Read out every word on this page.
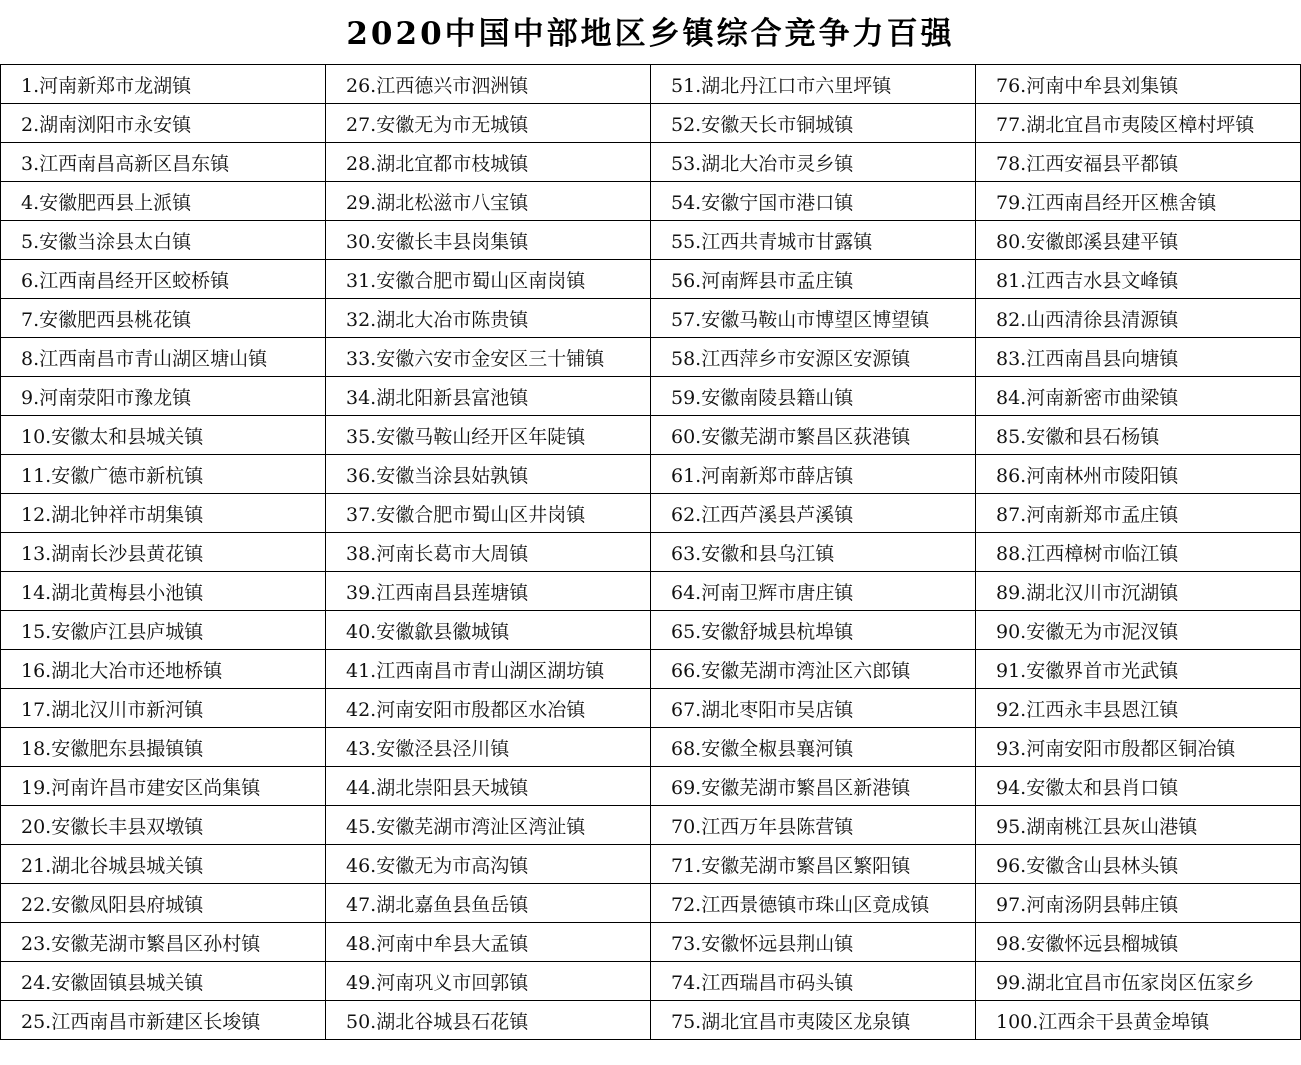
2020中国中部地区乡镇综合竞争力百强
1.河南新郑市龙湖镇	26.江西德兴市泗洲镇	51.湖北丹江口市六里坪镇	76.河南中牟县刘集镇
2.湖南浏阳市永安镇	27.安徽无为市无城镇	52.安徽天长市铜城镇	77.湖北宜昌市夷陵区樟村坪镇
3.江西南昌高新区昌东镇	28.湖北宜都市枝城镇	53.湖北大冶市灵乡镇	78.江西安福县平都镇
4.安徽肥西县上派镇	29.湖北松滋市八宝镇	54.安徽宁国市港口镇	79.江西南昌经开区樵舍镇
5.安徽当涂县太白镇	30.安徽长丰县岗集镇	55.江西共青城市甘露镇	80.安徽郎溪县建平镇
6.江西南昌经开区蛟桥镇	31.安徽合肥市蜀山区南岗镇	56.河南辉县市孟庄镇	81.江西吉水县文峰镇
7.安徽肥西县桃花镇	32.湖北大冶市陈贵镇	57.安徽马鞍山市博望区博望镇	82.山西清徐县清源镇
8.江西南昌市青山湖区塘山镇	33.安徽六安市金安区三十铺镇	58.江西萍乡市安源区安源镇	83.江西南昌县向塘镇
9.河南荥阳市豫龙镇	34.湖北阳新县富池镇	59.安徽南陵县籍山镇	84.河南新密市曲梁镇
10.安徽太和县城关镇	35.安徽马鞍山经开区年陡镇	60.安徽芜湖市繁昌区荻港镇	85.安徽和县石杨镇
11.安徽广德市新杭镇	36.安徽当涂县姑孰镇	61.河南新郑市薛店镇	86.河南林州市陵阳镇
12.湖北钟祥市胡集镇	37.安徽合肥市蜀山区井岗镇	62.江西芦溪县芦溪镇	87.河南新郑市孟庄镇
13.湖南长沙县黄花镇	38.河南长葛市大周镇	63.安徽和县乌江镇	88.江西樟树市临江镇
14.湖北黄梅县小池镇	39.江西南昌县莲塘镇	64.河南卫辉市唐庄镇	89.湖北汉川市沉湖镇
15.安徽庐江县庐城镇	40.安徽歙县徽城镇	65.安徽舒城县杭埠镇	90.安徽无为市泥汊镇
16.湖北大冶市还地桥镇	41.江西南昌市青山湖区湖坊镇	66.安徽芜湖市湾沚区六郎镇	91.安徽界首市光武镇
17.湖北汉川市新河镇	42.河南安阳市殷都区水冶镇	67.湖北枣阳市吴店镇	92.江西永丰县恩江镇
18.安徽肥东县撮镇镇	43.安徽泾县泾川镇	68.安徽全椒县襄河镇	93.河南安阳市殷都区铜冶镇
19.河南许昌市建安区尚集镇	44.湖北崇阳县天城镇	69.安徽芜湖市繁昌区新港镇	94.安徽太和县肖口镇
20.安徽长丰县双墩镇	45.安徽芜湖市湾沚区湾沚镇	70.江西万年县陈营镇	95.湖南桃江县灰山港镇
21.湖北谷城县城关镇	46.安徽无为市高沟镇	71.安徽芜湖市繁昌区繁阳镇	96.安徽含山县林头镇
22.安徽凤阳县府城镇	47.湖北嘉鱼县鱼岳镇	72.江西景德镇市珠山区竟成镇	97.河南汤阴县韩庄镇
23.安徽芜湖市繁昌区孙村镇	48.河南中牟县大孟镇	73.安徽怀远县荆山镇	98.安徽怀远县榴城镇
24.安徽固镇县城关镇	49.河南巩义市回郭镇	74.江西瑞昌市码头镇	99.湖北宜昌市伍家岗区伍家乡
25.江西南昌市新建区长埈镇	50.湖北谷城县石花镇	75.湖北宜昌市夷陵区龙泉镇	100.江西余干县黄金埠镇
